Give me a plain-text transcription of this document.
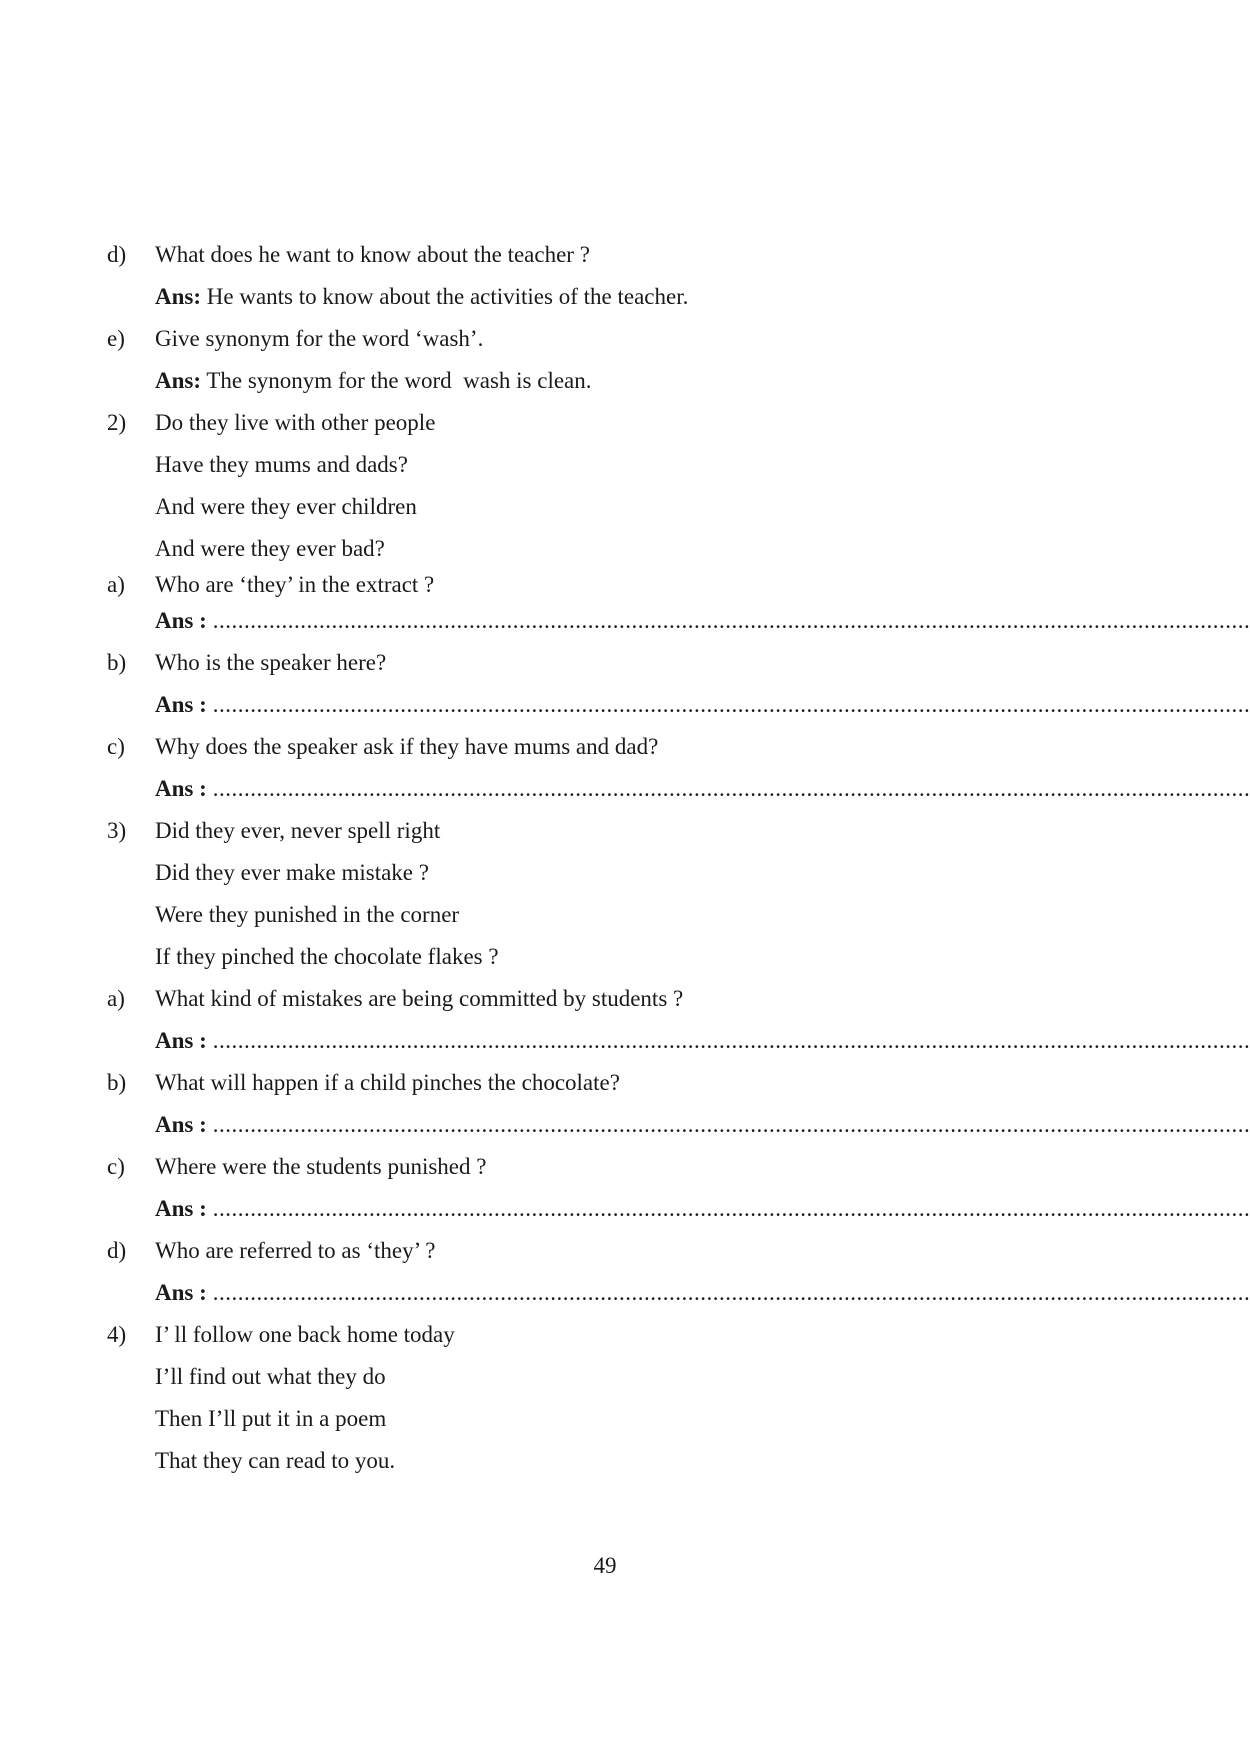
d)	What does he want to know about the teacher ?
Ans: He wants to know about the activities of the teacher.
e)	Give synonym for the word ‘wash’.
Ans: The synonym for the word  wash is clean.
2)	Do they live with other people
Have they mums and dads?
And were they ever children
And were they ever bad?
a)	Who are ‘they’ in the extract ?
Ans : ......................................................................................................................................................................
b)	Who is the speaker here?
Ans : ......................................................................................................................................................................
c)	Why does the speaker ask if they have mums and dad?
Ans : ......................................................................................................................................................................
3)	Did they ever, never spell right
Did they ever make mistake ?
Were they punished in the corner
If they pinched the chocolate flakes ?
a)	What kind of mistakes are being committed by students ?
Ans : ......................................................................................................................................................................
b)	What will happen if a child pinches the chocolate?
Ans : ......................................................................................................................................................................
c)	Where were the students punished ?
Ans : ......................................................................................................................................................................
d)	Who are referred to as ‘they’ ?
Ans : ......................................................................................................................................................................
4)	I’ ll follow one back home today
I’ll find out what they do
Then I’ll put it in a poem
That they can read to you.
49
